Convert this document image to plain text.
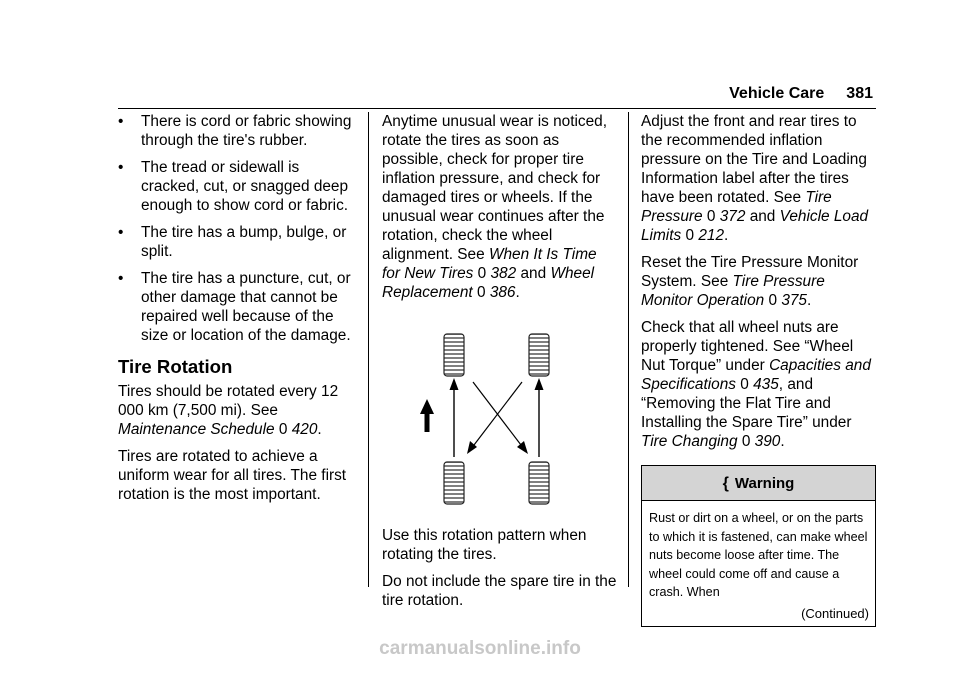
Vehicle Care 381
• There is cord or fabric showing through the tire's rubber.
• The tread or sidewall is cracked, cut, or snagged deep enough to show cord or fabric.
• The tire has a bump, bulge, or split.
• The tire has a puncture, cut, or other damage that cannot be repaired well because of the size or location of the damage.
Tire Rotation

Tires should be rotated every 12 000 km (7,500 mi). See Maintenance Schedule 0 420.

Tires are rotated to achieve a uniform wear for all tires. The first rotation is the most important.

Anytime unusual wear is noticed, rotate the tires as soon as possible, check for proper tire inflation pressure, and check for damaged tires or wheels. If the unusual wear continues after the rotation, check the wheel alignment. See When It Is Time for New Tires 0 382 and Wheel Replacement 0 386.

Use this rotation pattern when rotating the tires.

Do not include the spare tire in the tire rotation.

Adjust the front and rear tires to the recommended inflation pressure on the Tire and Loading Information label after the tires have been rotated. See Tire Pressure 0 372 and Vehicle Load Limits 0 212.

Reset the Tire Pressure Monitor System. See Tire Pressure Monitor Operation 0 375.

Check that all wheel nuts are properly tightened. See “Wheel Nut Torque” under Capacities and Specifications 0 435, and “Removing the Flat Tire and Installing the Spare Tire” under Tire Changing 0 390.

{ Warning
Rust or dirt on a wheel, or on the parts to which it is fastened, can make wheel nuts become loose after time. The wheel could come off and cause a crash. When
(Continued)
carmanualsonline.info
